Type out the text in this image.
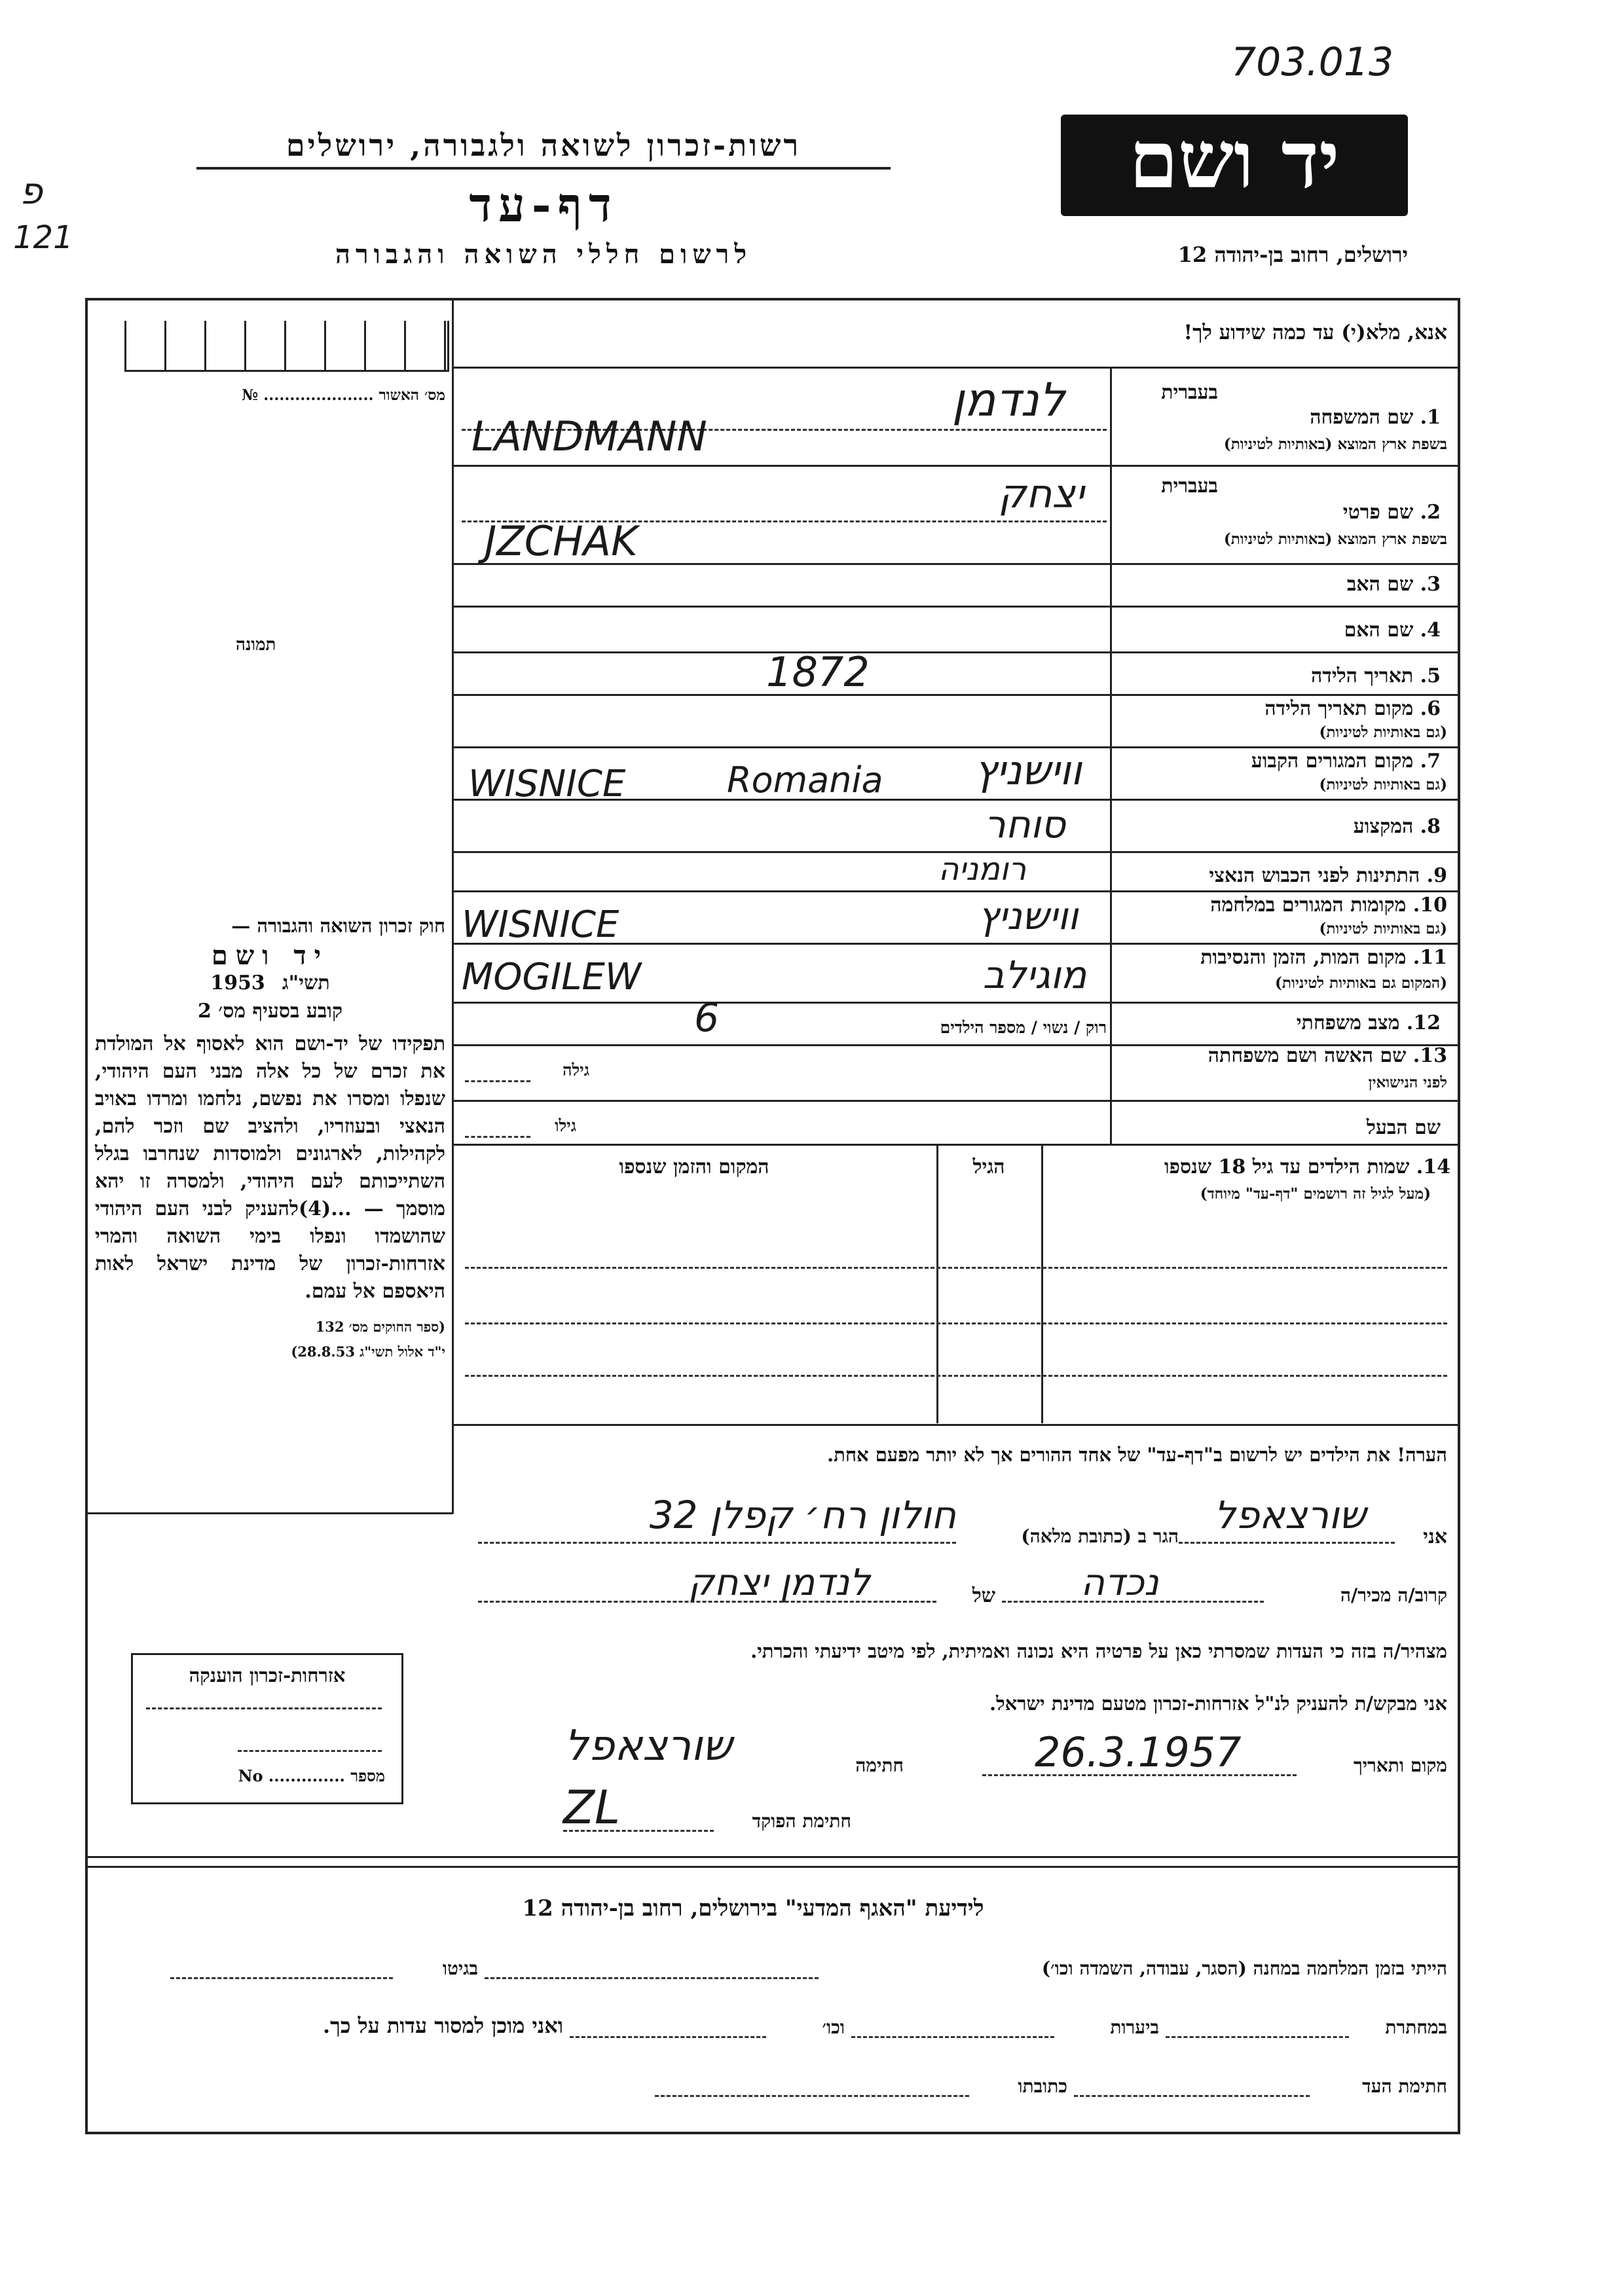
703.013
פ
121
רשות-זכרון לשואה ולגבורה, ירושלים
דף-עד
לרשום חללי השואה והגבורה
יד ושם
ירושלים, רחוב בן-יהודה 12
מס׳ האשור ..................... №
תמונה
חוק זכרון השואה והגבורה —
יד ושם
תשי"ג 1953
קובע בסעיף מס׳ 2
תפקידו של יד-ושם הוא לאסוף אל המולדת את זכרם של כל אלה מבני העם היהודי, שנפלו ומסרו את נפשם, נלחמו ומרדו באויב הנאצי ובעוזריו, ולהציב שם וזכר להם, לקהילות, לארגונים ולמוסדות שנחרבו בגלל השתייכותם לעם היהודי, ולמסרה זו יהא מוסמך — ...(4)להעניק לבני העם היהודי שהושמדו ונפלו בימי השואה והמרי אזרחות-זכרון של מדינת ישראל לאות היאספם אל עמם.
(ספר החוקים מס׳ 132
י"ד אלול תשי"ג 28.8.53)
אנא, מלא(י) עד כמה שידוע לך!
בעברית
1. שם המשפחה
בשפת ארץ המוצא (באותיות לטיניות)
לנדמן
LANDMANN
בעברית
2. שם פרטי
בשפת ארץ המוצא (באותיות לטיניות)
יצחק
JZCHAK
3. שם האב
4. שם האם
5. תאריך הלידה
1872
6. מקום תאריך הלידה
(גם באותיות לטיניות)
7. מקום המגורים הקבוע
(גם באותיות לטיניות)
ווישניץ
Romania
WISNICE
8. המקצוע
סוחר
9. התתינות לפני הכבוש הנאצי
רומניה
10. מקומות המגורים במלחמה
(גם באותיות לטיניות)
ווישניץ
WISNICE
11. מקום המות, הזמן והנסיבות
(המקום גם באותיות לטיניות)
מוגילב
MOGILEW
12. מצב משפחתי
רוק / נשוי / מספר הילדים
6
13. שם האשה ושם משפחתה
לפני הנישואין
גילה
שם הבעל
גילו
14. שמות הילדים עד גיל 18 שנספו
(מעל לגיל זה רושמים "דף-עד" מיוחד)
הגיל
המקום והזמן שנספו
הערה! את הילדים יש לרשום ב"דף-עד" של אחד ההורים אך לא יותר מפעם אחת.
אני
שורצאפל
הגר ב (כתובת מלאה)
חולון רח׳ קפלן 32
קרוב/ה מכיר/ה
נכדה
של
לנדמן יצחק
מצהיר/ה בזה כי העדות שמסרתי כאן על פרטיה היא נכונה ואמיתית, לפי מיטב ידיעתי והכרתי.
אני מבקש/ת להעניק לנ"ל אזרחות-זכרון מטעם מדינת ישראל.
מקום ותאריך
26.3.1957
חתימה
שורצאפל
חתימת הפוקד
ZL
אזרחות-זכרון הוענקה
מספר .............. No
לידיעת "האגף המדעי" בירושלים, רחוב בן-יהודה 12
הייתי בזמן המלחמה במחנה (הסגר, עבודה, השמדה וכו׳)
בגיטו
במחתרת
ביערות
וכו׳
ואני מוכן למסור עדות על כך.
חתימת העד
כתובתו
